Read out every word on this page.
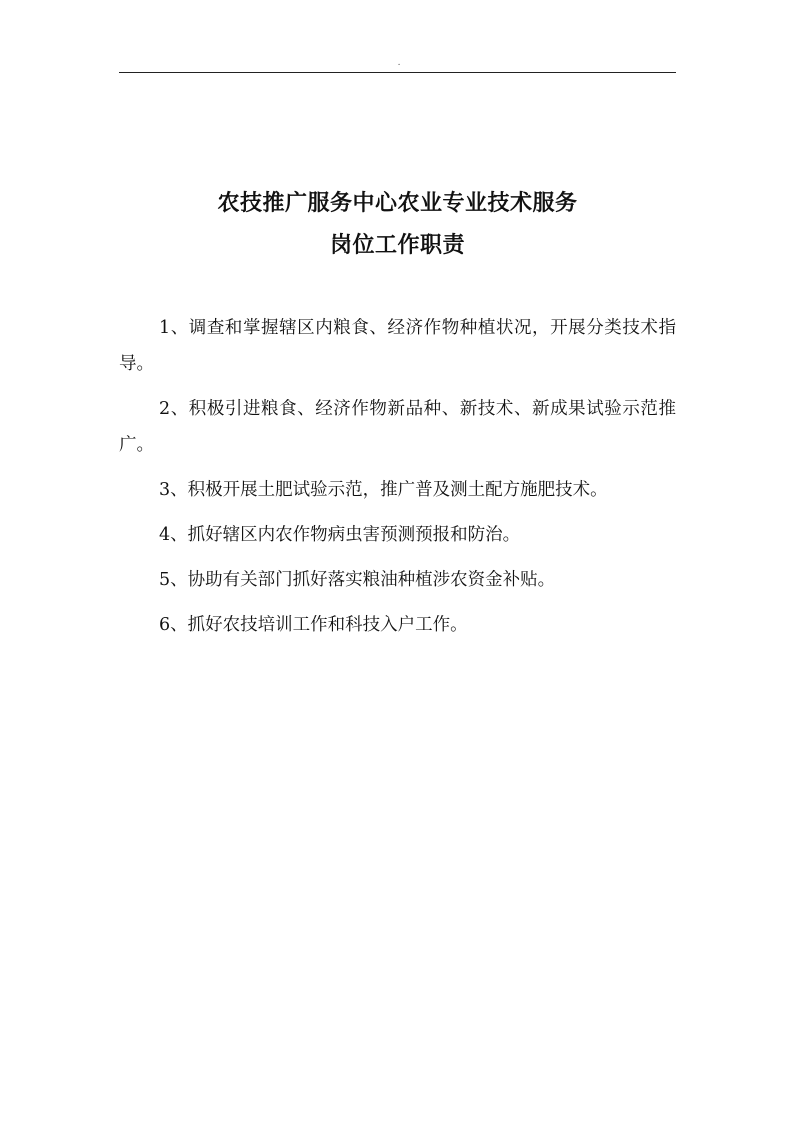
.
农技推广服务中心农业专业技术服务
岗位工作职责
1、调查和掌握辖区内粮食、经济作物种植状况，开展分类技术指导。
2、积极引进粮食、经济作物新品种、新技术、新成果试验示范推广。
3、积极开展土肥试验示范，推广普及测土配方施肥技术。
4、抓好辖区内农作物病虫害预测预报和防治。
5、协助有关部门抓好落实粮油种植涉农资金补贴。
6、抓好农技培训工作和科技入户工作。
